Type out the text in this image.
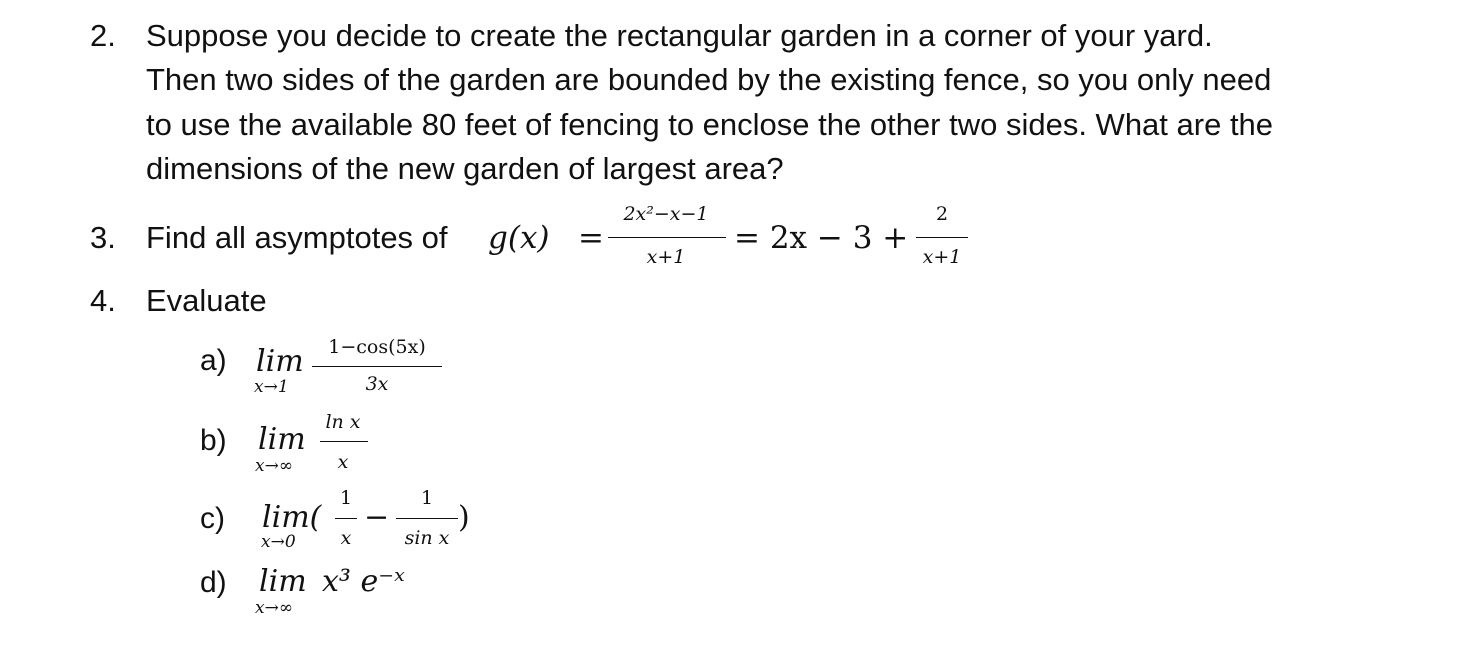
2. Suppose you decide to create the rectangular garden in a corner of your yard.
Then two sides of the garden are bounded by the existing fence, so you only need
to use the available 80 feet of fencing to enclose the other two sides. What are the
dimensions of the new garden of largest area?
3. Find all asymptotes of g(x) =
2x²−x−1
x+1
= 2x − 3 +
2
x+1
4. Evaluate
a) lim
x→1
1−cos(5x)
3x
b) lim
x→∞
ln x
x
c) lim(
x→0
1
x
−
1
sin x
)
d) lim
x→∞
x³ e⁻ˣ
